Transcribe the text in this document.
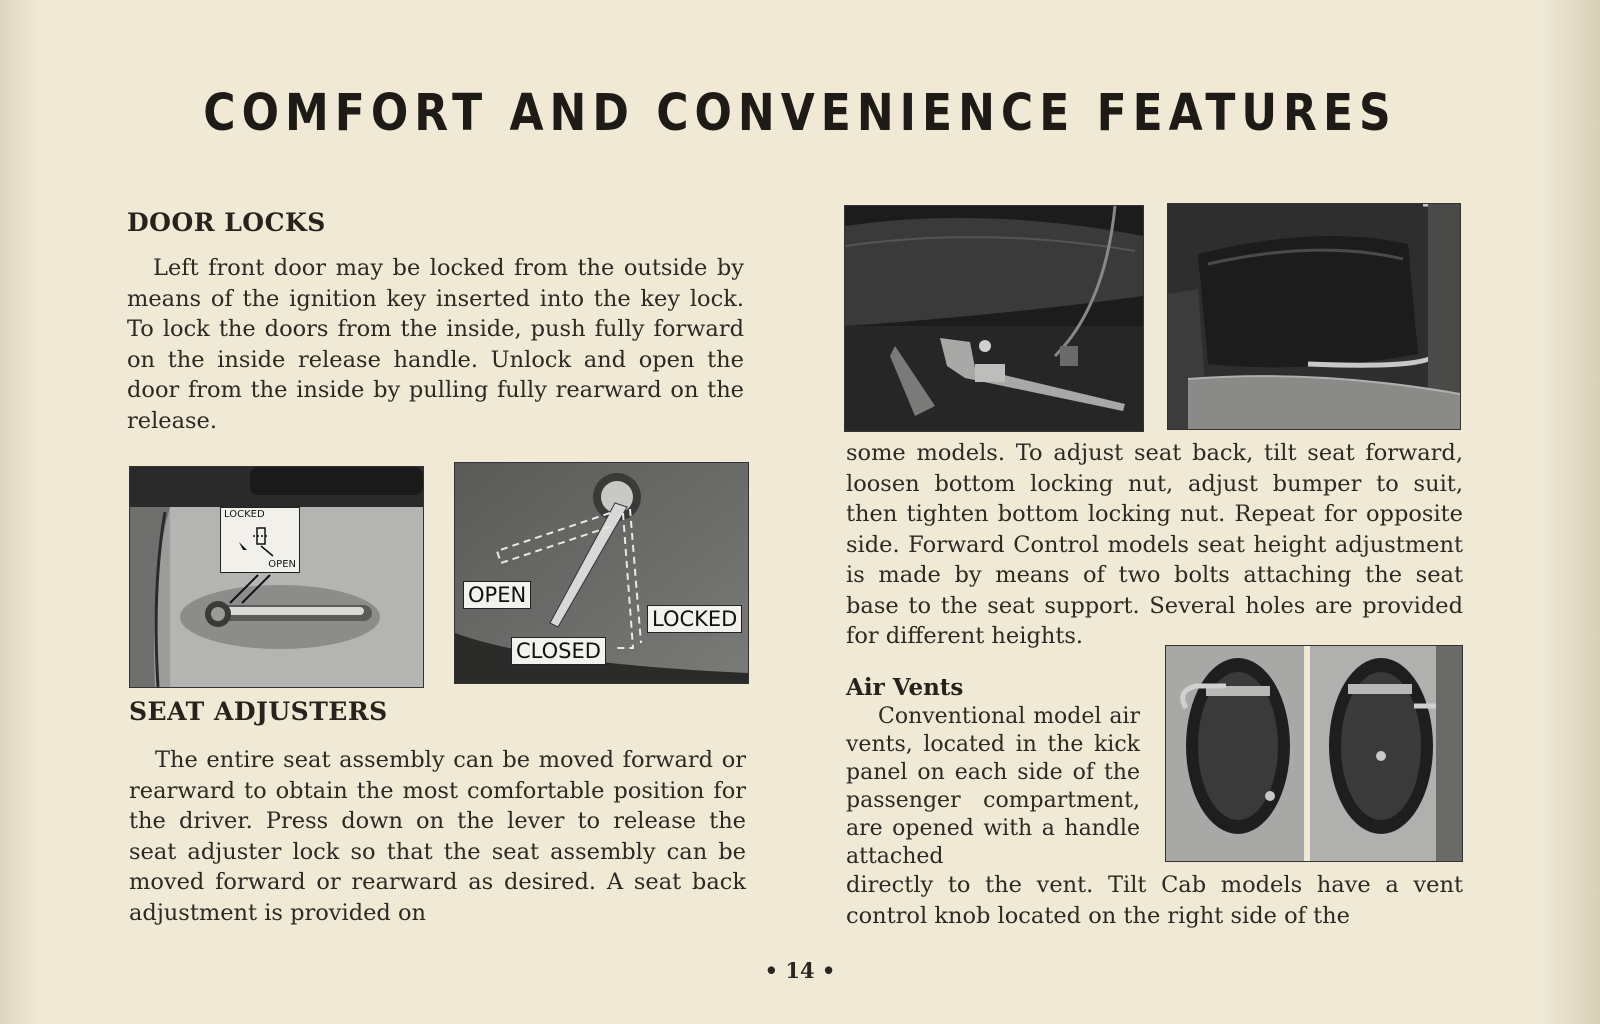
COMFORT AND CONVENIENCE FEATURES
DOOR LOCKS
Left front door may be locked from the outside by means of the ignition key inserted into the key lock. To lock the doors from the inside, push fully forward on the inside release handle. Unlock and open the door from the inside by pulling fully rearward on the release.
LOCKED
OPEN
OPEN
CLOSED
LOCKED
SEAT ADJUSTERS
The entire seat assembly can be moved forward or rearward to obtain the most comfortable position for the driver. Press down on the lever to release the seat adjuster lock so that the seat assembly can be moved forward or rearward as desired. A seat back adjustment is provided on
some models. To adjust seat back, tilt seat forward, loosen bottom locking nut, adjust bumper to suit, then tighten bottom locking nut. Repeat for opposite side. Forward Control models seat height adjustment is made by means of two bolts attaching the seat base to the seat support. Several holes are provided for different heights.
Air Vents
Conventional model air vents, located in the kick panel on each side of the passenger compartment, are opened with a handle attached
directly to the vent. Tilt Cab models have a vent control knob located on the right side of the
• 14 •
